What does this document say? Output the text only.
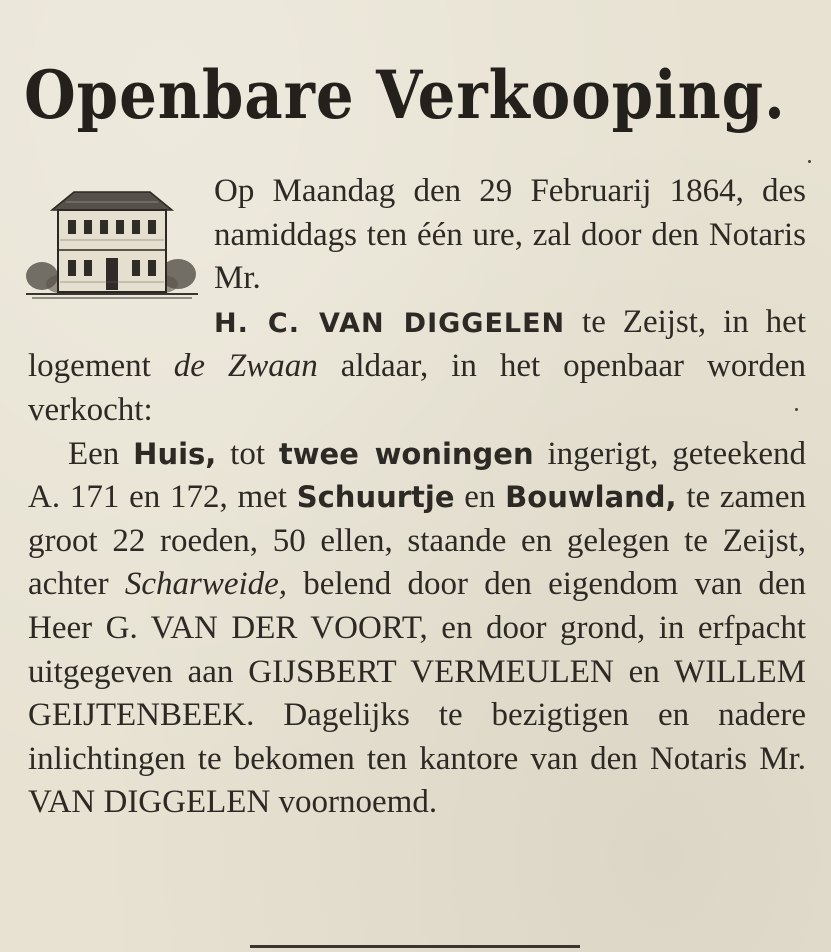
Openbare Verkooping.

Op Maandag den 29 Februarij 1864, des namiddags ten één ure, zal door den Notaris Mr.
H. C. VAN DIGGELEN te Zeijst, in het logement de Zwaan aldaar, in het openbaar worden verkocht:

Een Huis, tot twee woningen ingerigt, geteekend A. 171 en 172, met Schuurtje en Bouwland, te zamen groot 22 roeden, 50 ellen, staande en gelegen te Zeijst, achter Scharweide, belend door den eigendom van den Heer G. VAN DER VOORT, en door grond, in erfpacht uitgegeven aan GIJSBERT VERMEULEN en WILLEM GEIJTENBEEK. Dagelijks te bezigtigen en nadere inlichtingen te bekomen ten kantore van den Notaris Mr. VAN DIGGELEN voornoemd.
